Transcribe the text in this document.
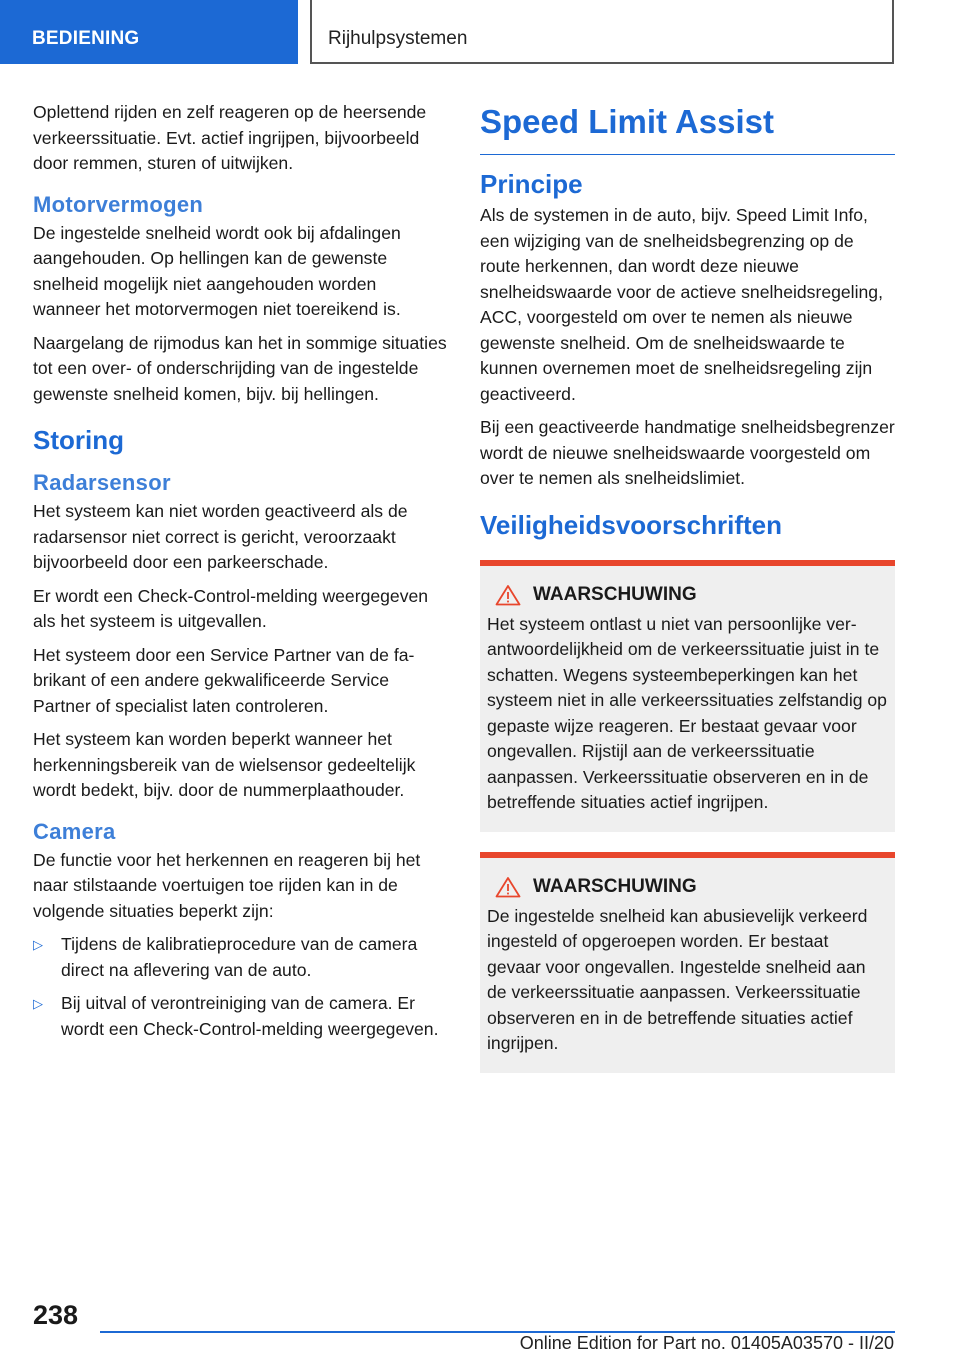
BEDIENING	Rijhulpsystemen

Oplettend rijden en zelf reageren op de heersende verkeerssituatie. Evt. actief ingrijpen, bijvoorbeeld door remmen, sturen of uitwijken.

Motorvermogen

De ingestelde snelheid wordt ook bij afdalingen aangehouden. Op hellingen kan de gewenste snelheid mogelijk niet aangehouden worden wanneer het motorvermogen niet toereikend is.

Naargelang de rijmodus kan het in sommige situaties tot een over- of onderschrijding van de ingestelde gewenste snelheid komen, bijv. bij hellingen.

Storing
Radarsensor

Het systeem kan niet worden geactiveerd als de radarsensor niet correct is gericht, veroorzaakt bijvoorbeeld door een parkeerschade.

Er wordt een Check-Control-melding weergegeven als het systeem is uitgevallen.

Het systeem door een Service Partner van de fabrikant of een andere gekwalificeerde Service Partner of specialist laten controleren.

Het systeem kan worden beperkt wanneer het herkenningsbereik van de wielsensor gedeeltelijk wordt bedekt, bijv. door de nummerplaathouder.

Camera

De functie voor het herkennen en reageren bij het naar stilstaande voertuigen toe rijden kan in de volgende situaties beperkt zijn:

▷ Tijdens de kalibratieprocedure van de camera direct na aflevering van de auto.
▷ Bij uitval of verontreiniging van de camera. Er wordt een Check-Control-melding weergegeven.
Speed Limit Assist
Principe

Als de systemen in de auto, bijv. Speed Limit Info, een wijziging van de snelheidsbegrenzing op de route herkennen, dan wordt deze nieuwe snelheidswaarde voor de actieve snelheidsregeling, ACC, voorgesteld om over te nemen als nieuwe gewenste snelheid. Om de snelheidswaarde te kunnen overnemen moet de snelheidsregeling zijn geactiveerd.

Bij een geactiveerde handmatige snelheidsbegrenzer wordt de nieuwe snelheidswaarde voorgesteld om over te nemen als snelheidslimiet.

Veiligheidsvoorschriften
WAARSCHUWING

Het systeem ontlast u niet van persoonlijke verantwoordelijkheid om de verkeerssituatie juist in te schatten. Wegens systeembeperkingen kan het systeem niet in alle verkeerssituaties zelfstandig op gepaste wijze reageren. Er bestaat gevaar voor ongevallen. Rijstijl aan de verkeerssituatie aanpassen. Verkeerssituatie observeren en in de betreffende situaties actief ingrijpen.

WAARSCHUWING

De ingestelde snelheid kan abusievelijk verkeerd ingesteld of opgeroepen worden. Er bestaat gevaar voor ongevallen. Ingestelde snelheid aan de verkeerssituatie aanpassen. Verkeerssituatie observeren en in de betreffende situaties actief ingrijpen.

238
Online Edition for Part no. 01405A03570 - II/20
